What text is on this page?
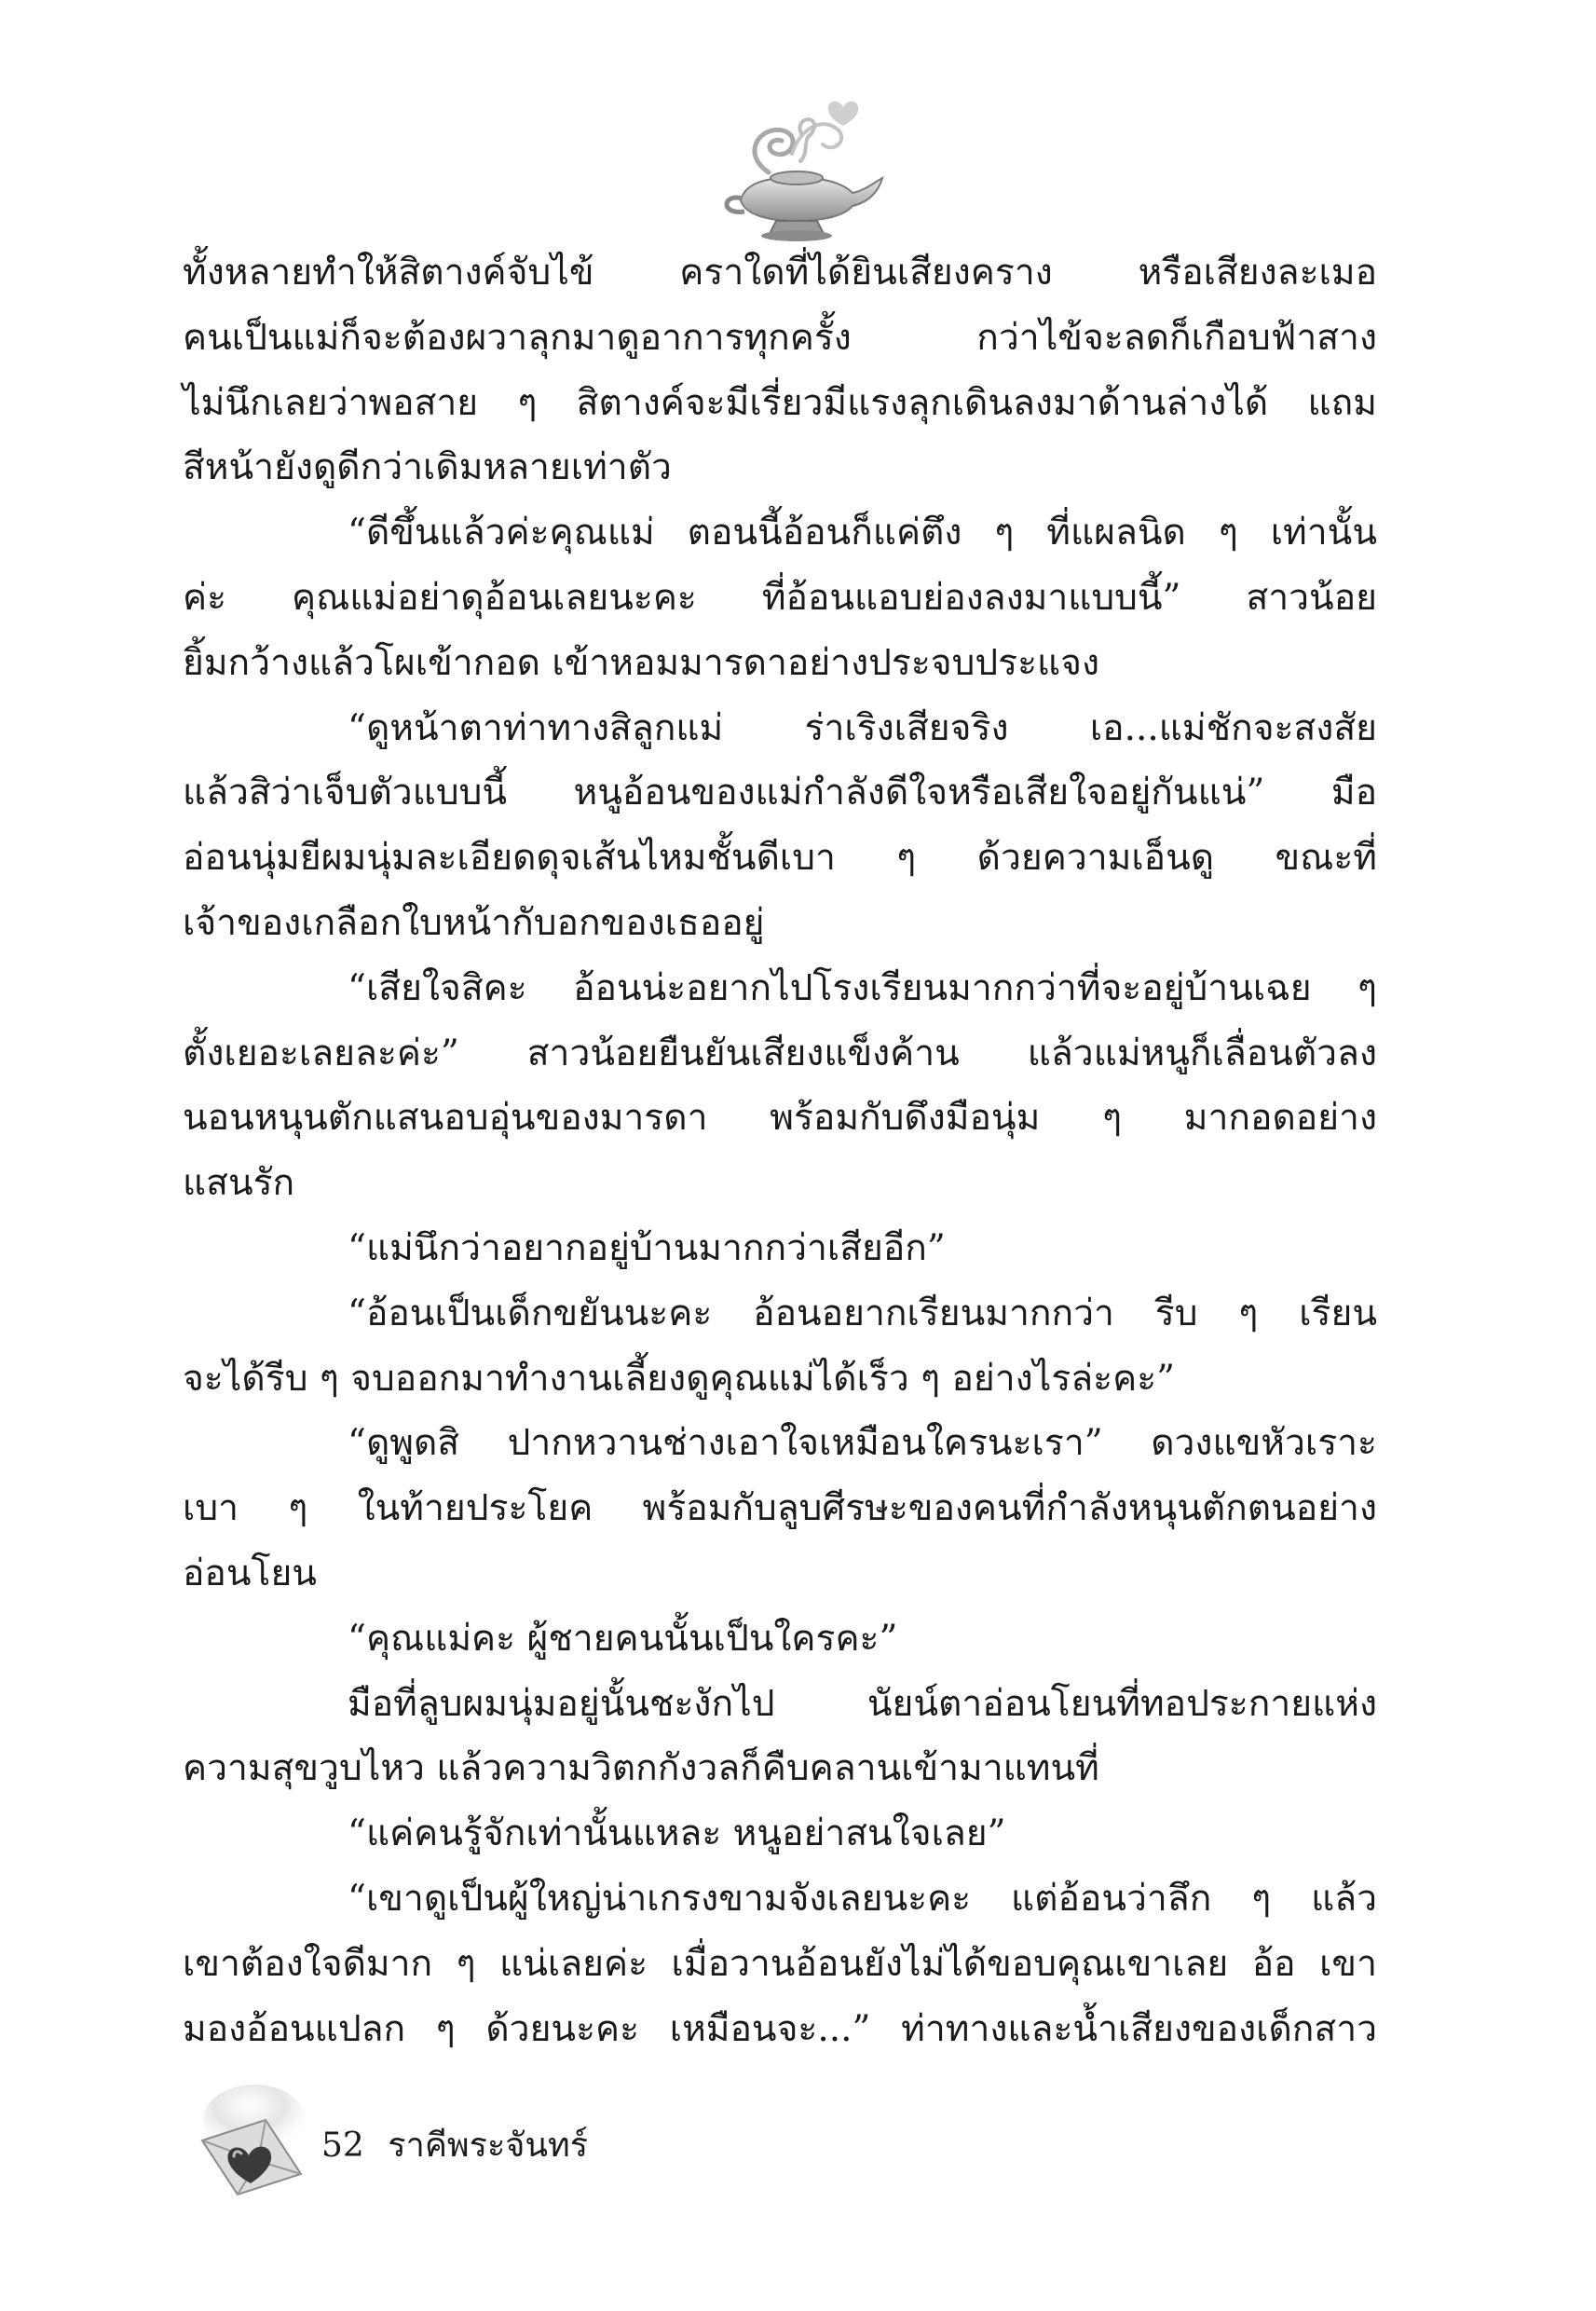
ทั้งหลายทำให้สิตางค์จับไข้ คราใดที่ได้ยินเสียงคราง หรือเสียงละเมอ
คนเป็นแม่ก็จะต้องผวาลุกมาดูอาการทุกครั้ง กว่าไข้จะลดก็เกือบฟ้าสาง
ไม่นึกเลยว่าพอสาย ๆ สิตางค์จะมีเรี่ยวมีแรงลุกเดินลงมาด้านล่างได้ แถม
สีหน้ายังดูดีกว่าเดิมหลายเท่าตัว
“ดีขึ้นแล้วค่ะคุณแม่ ตอนนี้อ้อนก็แค่ตึง ๆ ที่แผลนิด ๆ เท่านั้น
ค่ะ คุณแม่อย่าดุอ้อนเลยนะคะ ที่อ้อนแอบย่องลงมาแบบนี้” สาวน้อย
ยิ้มกว้างแล้วโผเข้ากอด เข้าหอมมารดาอย่างประจบประแจง
“ดูหน้าตาท่าทางสิลูกแม่ ร่าเริงเสียจริง เอ...แม่ชักจะสงสัย
แล้วสิว่าเจ็บตัวแบบนี้ หนูอ้อนของแม่กำลังดีใจหรือเสียใจอยู่กันแน่” มือ
อ่อนนุ่มยีผมนุ่มละเอียดดุจเส้นไหมชั้นดีเบา ๆ ด้วยความเอ็นดู ขณะที่
เจ้าของเกลือกใบหน้ากับอกของเธออยู่
“เสียใจสิคะ อ้อนน่ะอยากไปโรงเรียนมากกว่าที่จะอยู่บ้านเฉย ๆ
ตั้งเยอะเลยละค่ะ” สาวน้อยยืนยันเสียงแข็งค้าน แล้วแม่หนูก็เลื่อนตัวลง
นอนหนุนตักแสนอบอุ่นของมารดา พร้อมกับดึงมือนุ่ม ๆ มากอดอย่าง
แสนรัก
“แม่นึกว่าอยากอยู่บ้านมากกว่าเสียอีก”
“อ้อนเป็นเด็กขยันนะคะ อ้อนอยากเรียนมากกว่า รีบ ๆ เรียน
จะได้รีบ ๆ จบออกมาทำงานเลี้ยงดูคุณแม่ได้เร็ว ๆ อย่างไรล่ะคะ”
“ดูพูดสิ ปากหวานช่างเอาใจเหมือนใครนะเรา” ดวงแขหัวเราะ
เบา ๆ ในท้ายประโยค พร้อมกับลูบศีรษะของคนที่กำลังหนุนตักตนอย่าง
อ่อนโยน
“คุณแม่คะ ผู้ชายคนนั้นเป็นใครคะ”
มือที่ลูบผมนุ่มอยู่นั้นชะงักไป นัยน์ตาอ่อนโยนที่ทอประกายแห่ง
ความสุขวูบไหว แล้วความวิตกกังวลก็คืบคลานเข้ามาแทนที่
“แค่คนรู้จักเท่านั้นแหละ หนูอย่าสนใจเลย”
“เขาดูเป็นผู้ใหญ่น่าเกรงขามจังเลยนะคะ แต่อ้อนว่าลึก ๆ แล้ว
เขาต้องใจดีมาก ๆ แน่เลยค่ะ เมื่อวานอ้อนยังไม่ได้ขอบคุณเขาเลย อ้อ เขา
มองอ้อนแปลก ๆ ด้วยนะคะ เหมือนจะ...” ท่าทางและน้ำเสียงของเด็กสาว
52 ราคีพระจันทร์
